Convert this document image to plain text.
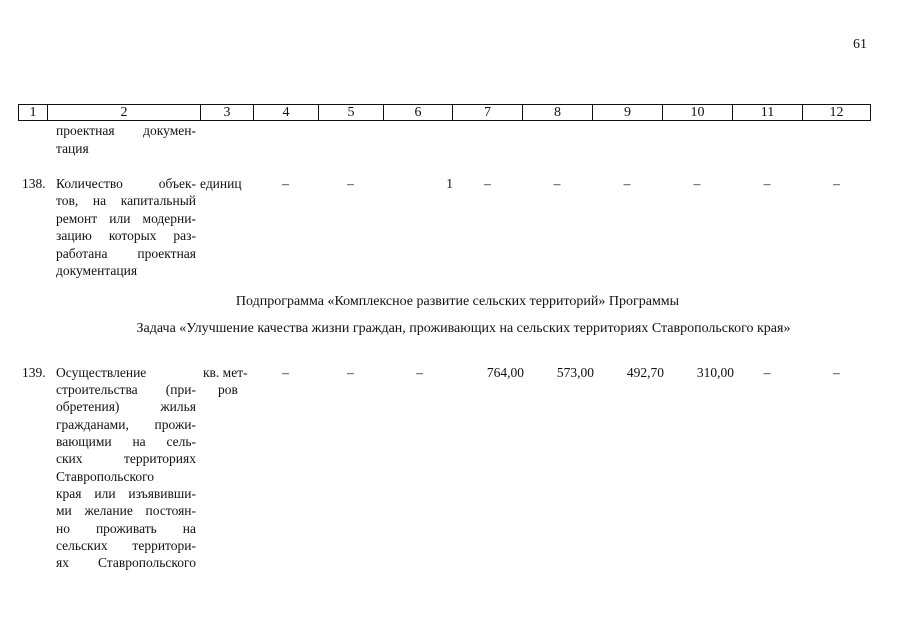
61
1	2	3	4	5	6	7	8	9	10	11	12
проектная докумен-
тация
138. Количество объек-
тов, на капитальный
ремонт или модерни-
зацию которых раз-
работана проектная
документация
единиц	–	–	1	–	–	–	–	–	–
Подпрограмма «Комплексное развитие сельских территорий» Программы
Задача «Улучшение качества жизни граждан, проживающих на сельских территориях Ставропольского края»
139. Осуществление
строительства (при-
обретения) жилья
гражданами, прожи-
вающими на сель-
ских территориях
Ставропольского
края или изъявивши-
ми желание постоян-
но проживать на
сельских территори-
ях Ставропольского
кв. мет-
ров
–	–	–	764,00	573,00	492,70	310,00	–	–
